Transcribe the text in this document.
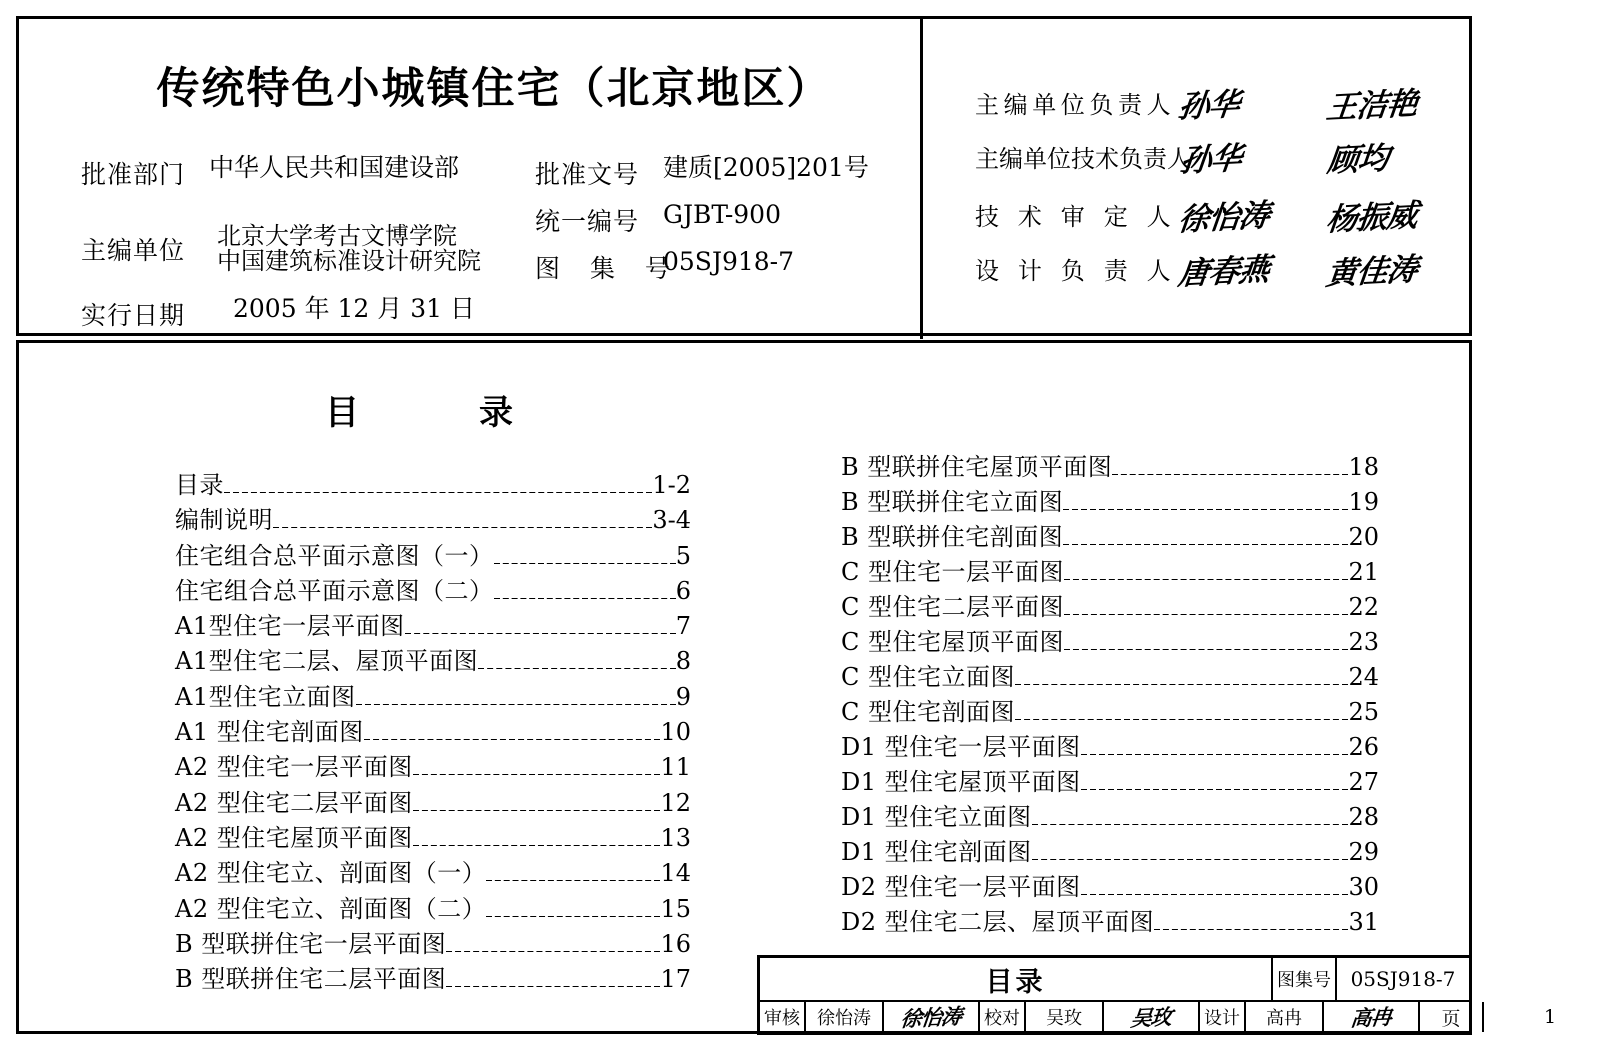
传统特色小城镇住宅（北京地区）
批准部门 中华人民共和国建设部
主编单位
北京大学考古文博学院
中国建筑标准设计研究院
实行日期	2005 年 12 月 31 日
批准文号 建质[2005]201号
统一编号 GJBT-900
图 集 号
05SJ918-7
主编单位负责人 孙华	王洁艳
主编单位技术负责人
孙华	顾均
技术审定人 徐怡涛	杨振威
设计负责人 唐春燕	黄佳涛
目录
目录	1-2
编制说明	3-4
住宅组合总平面示意图（一）	5
住宅组合总平面示意图（二）	6
A1型住宅一层平面图	7
A1型住宅二层、屋顶平面图	8
A1型住宅立面图	9
A1 型住宅剖面图	10
A2 型住宅一层平面图	11
A2 型住宅二层平面图	12
A2 型住宅屋顶平面图	13
A2 型住宅立、剖面图（一）	14
A2 型住宅立、剖面图（二）	15
B 型联拼住宅一层平面图	16
B 型联拼住宅二层平面图	17
B 型联拼住宅屋顶平面图	18
B 型联拼住宅立面图	19
B 型联拼住宅剖面图	20
C 型住宅一层平面图	21
C 型住宅二层平面图	22
C 型住宅屋顶平面图	23
C 型住宅立面图	24
C 型住宅剖面图	25
D1 型住宅一层平面图	26
D1 型住宅屋顶平面图	27
D1 型住宅立面图	28
D1 型住宅剖面图	29
D2 型住宅一层平面图	30
D2 型住宅二层、屋顶平面图	31
目录	图集号 05SJ918-7
审核 徐怡涛	徐怡涛 校对	吴玫	吴玫 设计	高冉	高冉	页	1
